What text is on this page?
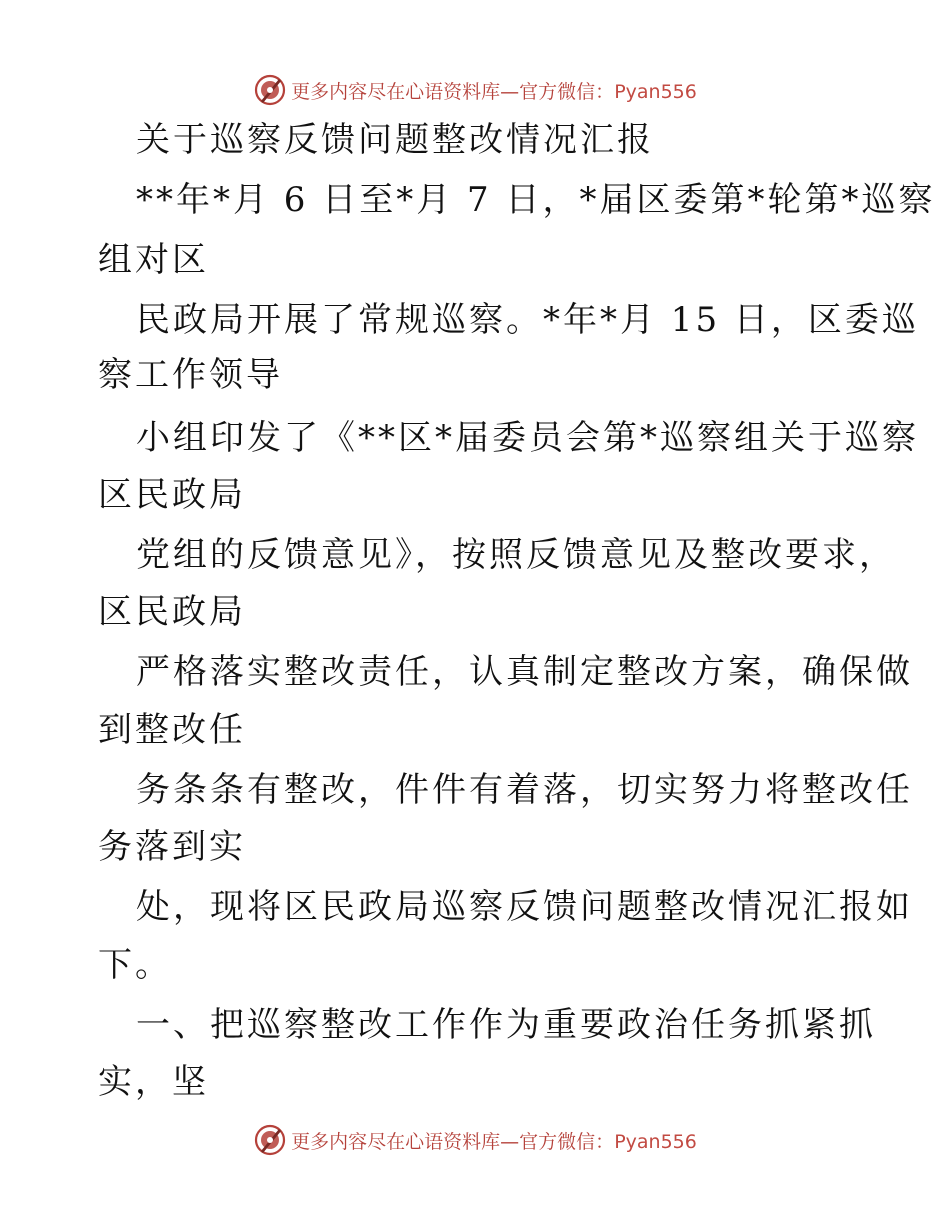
更多内容尽在心语资料库—官方微信：Pyan556
关于巡察反馈问题整改情况汇报
**年*月 6 日至*月 7 日，*届区委第*轮第*巡察
组对区
民政局开展了常规巡察。*年*月 15 日，区委巡
察工作领导
小组印发了《**区*届委员会第*巡察组关于巡察
区民政局
党组的反馈意见》，按照反馈意见及整改要求，
区民政局
严格落实整改责任，认真制定整改方案，确保做
到整改任
务条条有整改，件件有着落，切实努力将整改任
务落到实
处，现将区民政局巡察反馈问题整改情况汇报如
下。
一、把巡察整改工作作为重要政治任务抓紧抓
实，坚
更多内容尽在心语资料库—官方微信：Pyan556
